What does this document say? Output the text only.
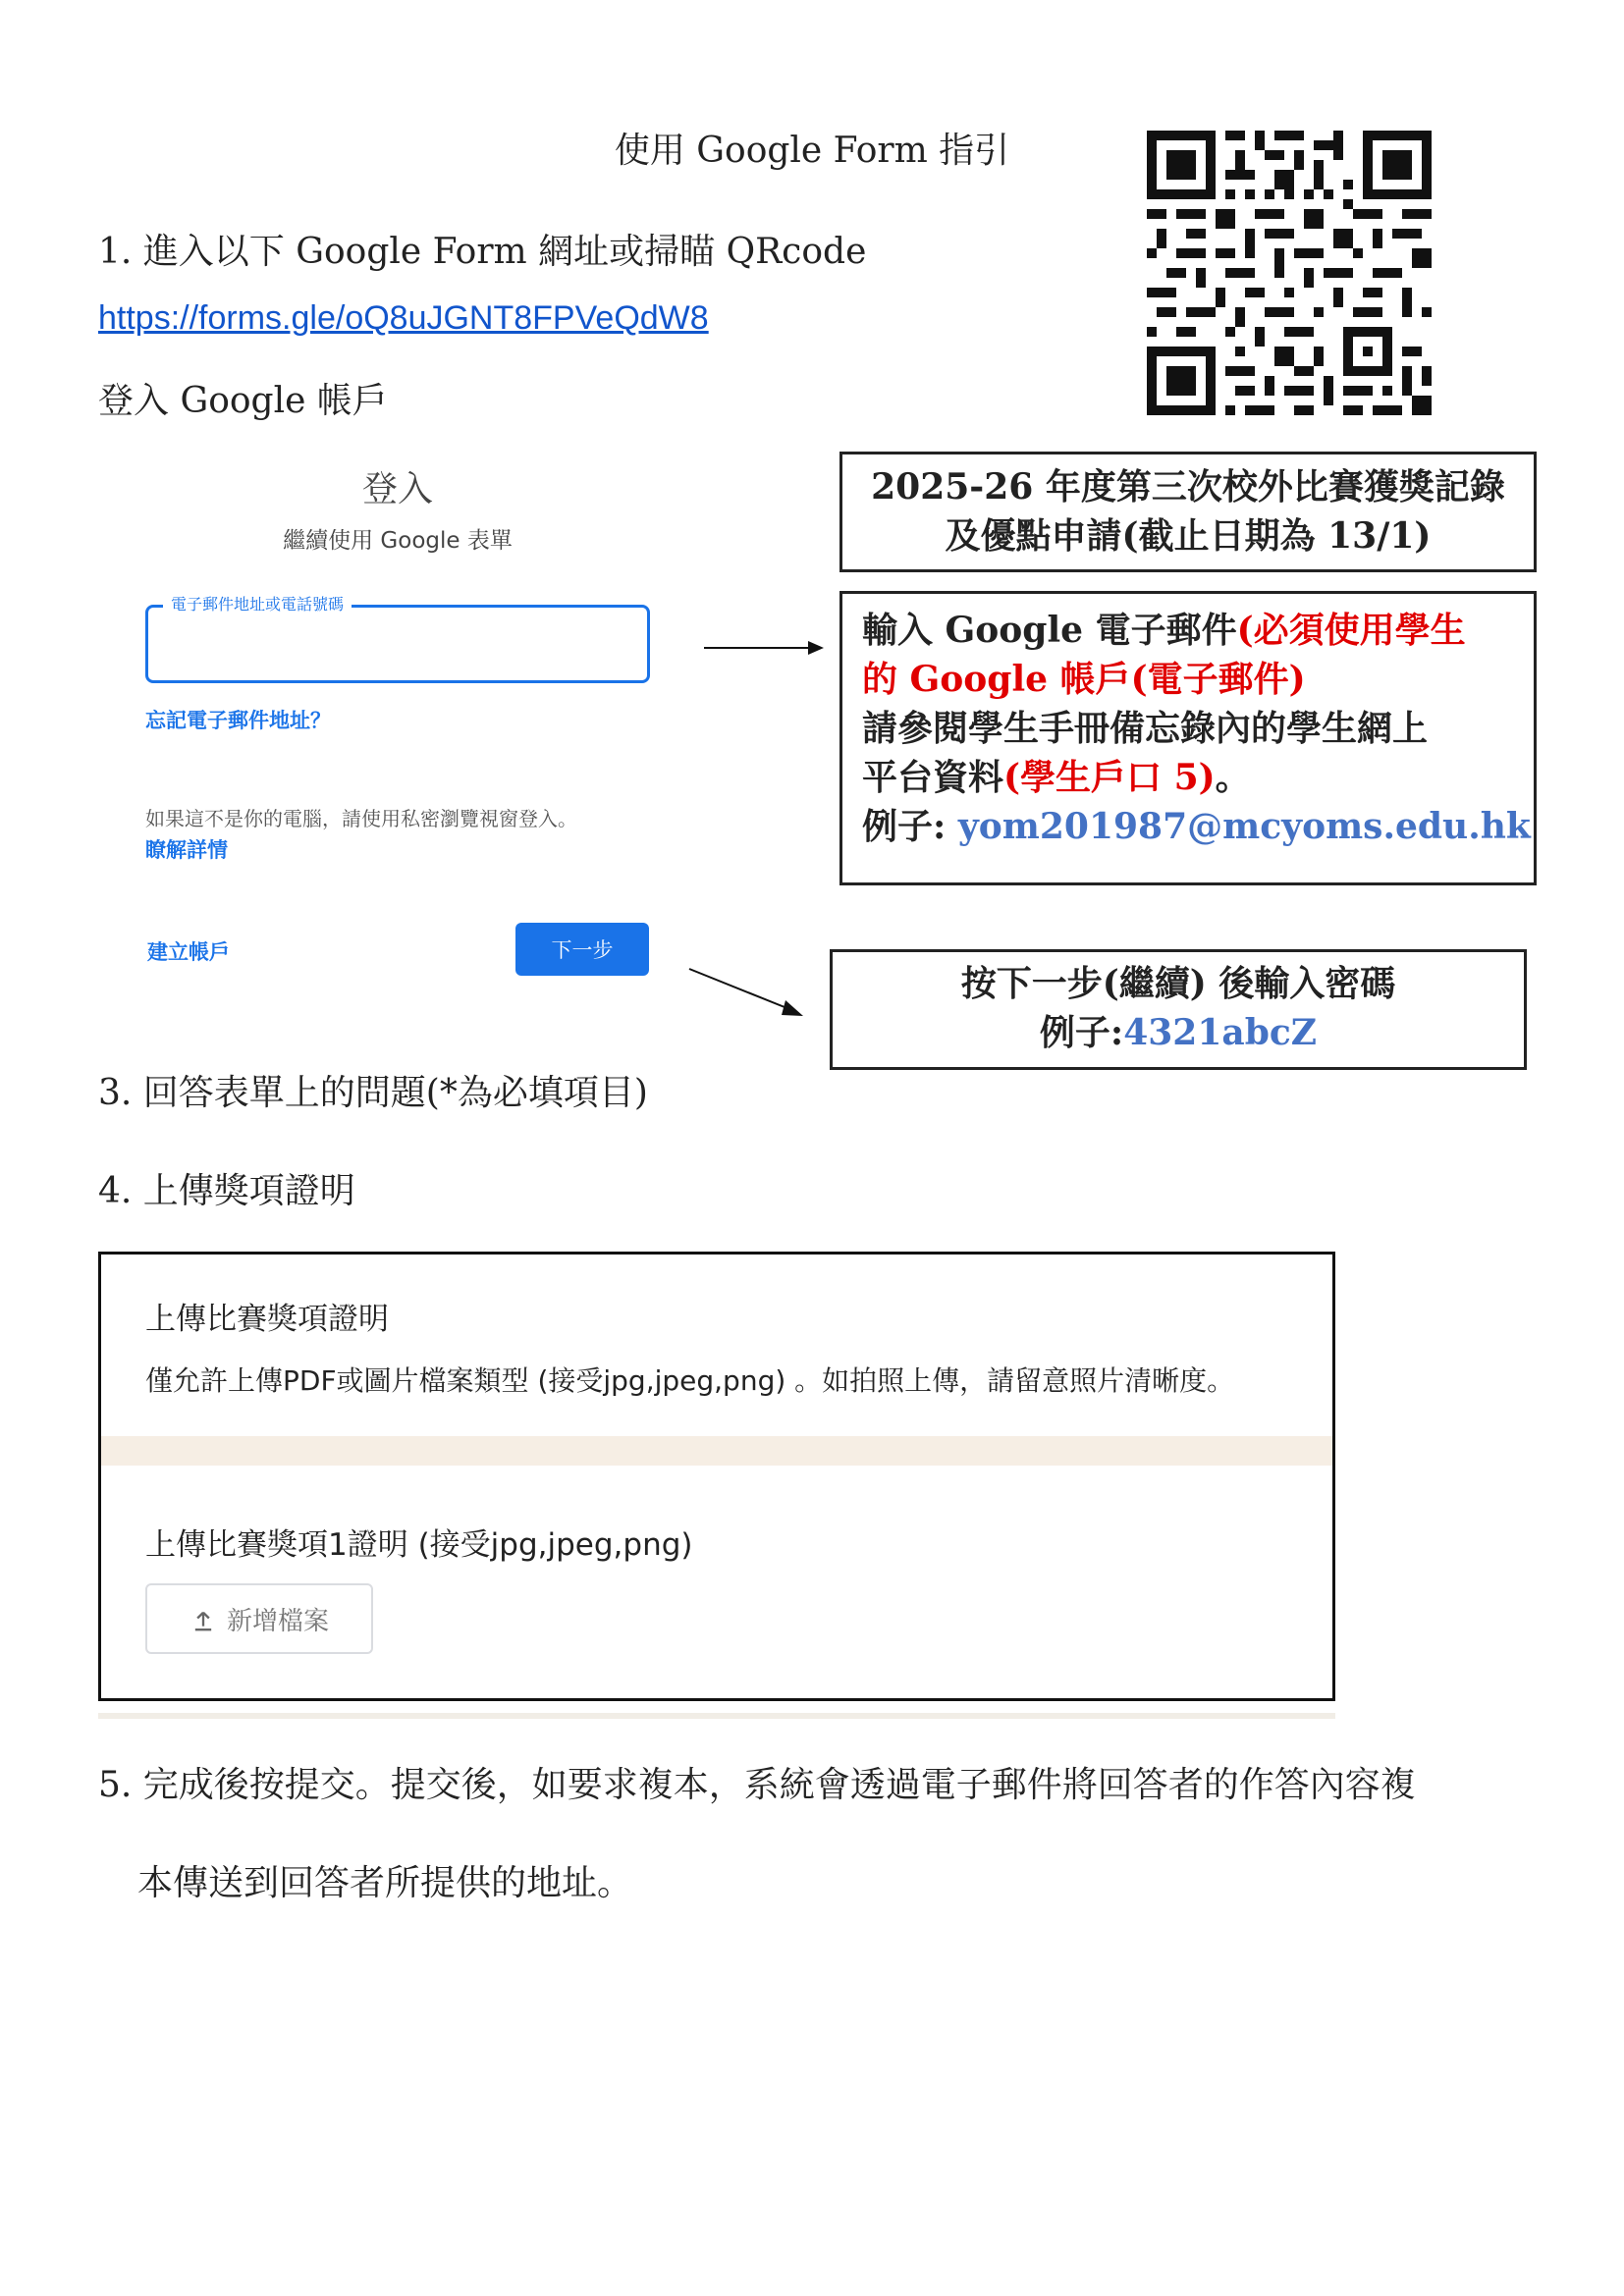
使用 Google Form 指引
1. 進入以下 Google Form 網址或掃瞄 QRcode
https://forms.gle/oQ8uJGNT8FPVeQdW8
登入 Google 帳戶
登入
繼續使用 Google 表單
電子郵件地址或電話號碼
忘記電子郵件地址？
如果這不是你的電腦，請使用私密瀏覽視窗登入。
瞭解詳情
建立帳戶	下一步
2025-26 年度第三次校外比賽獲獎記錄
及優點申請(截止日期為 13/1)
輸入 Google 電子郵件(必須使用學生
的 Google 帳戶(電子郵件)
請參閱學生手冊備忘錄內的學生網上
平台資料(學生戶口 5)。
例子: yom201987@mcyoms.edu.hk
按下一步(繼續) 後輸入密碼
例子:4321abcZ
3. 回答表單上的問題(*為必填項目)
4. 上傳獎項證明
上傳比賽獎項證明
僅允許上傳PDF或圖片檔案類型 (接受jpg,jpeg,png) 。如拍照上傳，請留意照片清晰度。
上傳比賽獎項1證明 (接受jpg,jpeg,png)
新增檔案
5. 完成後按提交。提交後，如要求複本，系統會透過電子郵件將回答者的作答內容複
本傳送到回答者所提供的地址。
